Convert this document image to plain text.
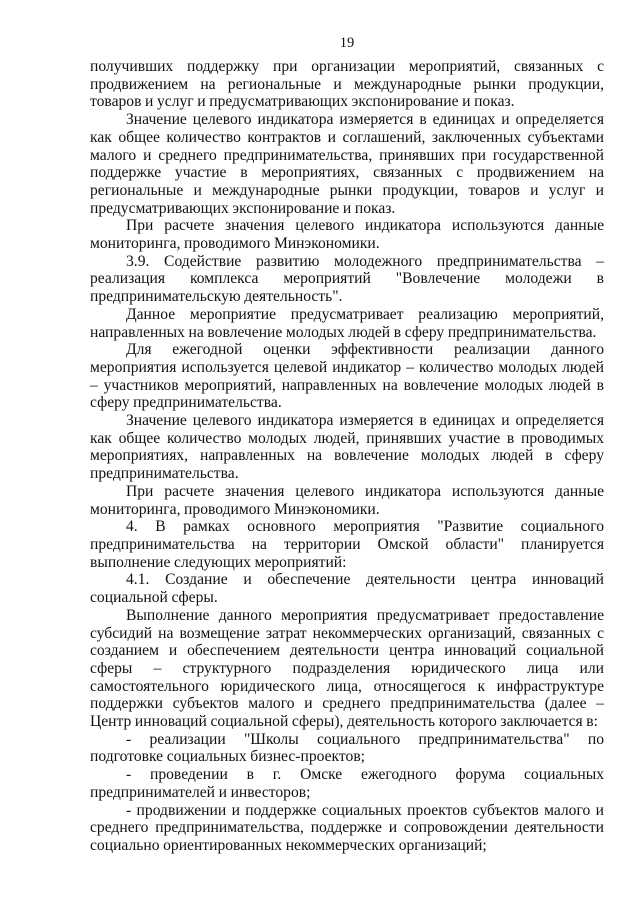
19

получивших поддержку при организации мероприятий, связанных с продвижением на региональные и международные рынки продукции, товаров и услуг и предусматривающих экспонирование и показ.

Значение целевого индикатора измеряется в единицах и определяется как общее количество контрактов и соглашений, заключенных субъектами малого и среднего предпринимательства, принявших при государственной поддержке участие в мероприятиях, связанных с продвижением на региональные и международные рынки продукции, товаров и услуг и предусматривающих экспонирование и показ.

При расчете значения целевого индикатора используются данные мониторинга, проводимого Минэкономики.

3.9. Содействие развитию молодежного предпринимательства – реализация комплекса мероприятий "Вовлечение молодежи в предпринимательскую деятельность".

Данное мероприятие предусматривает реализацию мероприятий, направленных на вовлечение молодых людей в сферу предпринимательства.

Для ежегодной оценки эффективности реализации данного мероприятия используется целевой индикатор – количество молодых людей – участников мероприятий, направленных на вовлечение молодых людей в сферу предпринимательства.

Значение целевого индикатора измеряется в единицах и определяется как общее количество молодых людей, принявших участие в проводимых мероприятиях, направленных на вовлечение молодых людей в сферу предпринимательства.

При расчете значения целевого индикатора используются данные мониторинга, проводимого Минэкономики.

4. В рамках основного мероприятия "Развитие социального предпринимательства на территории Омской области" планируется выполнение следующих мероприятий:

4.1. Создание и обеспечение деятельности центра инноваций социальной сферы.

Выполнение данного мероприятия предусматривает предоставление субсидий на возмещение затрат некоммерческих организаций, связанных с созданием и обеспечением деятельности центра инноваций социальной сферы – структурного подразделения юридического лица или самостоятельного юридического лица, относящегося к инфраструктуре поддержки субъектов малого и среднего предпринимательства (далее – Центр инноваций социальной сферы), деятельность которого заключается в:

- реализации "Школы социального предпринимательства" по подготовке социальных бизнес-проектов;

- проведении в г. Омске ежегодного форума социальных предпринимателей и инвесторов;

- продвижении и поддержке социальных проектов субъектов малого и среднего предпринимательства, поддержке и сопровождении деятельности социально ориентированных некоммерческих организаций;
